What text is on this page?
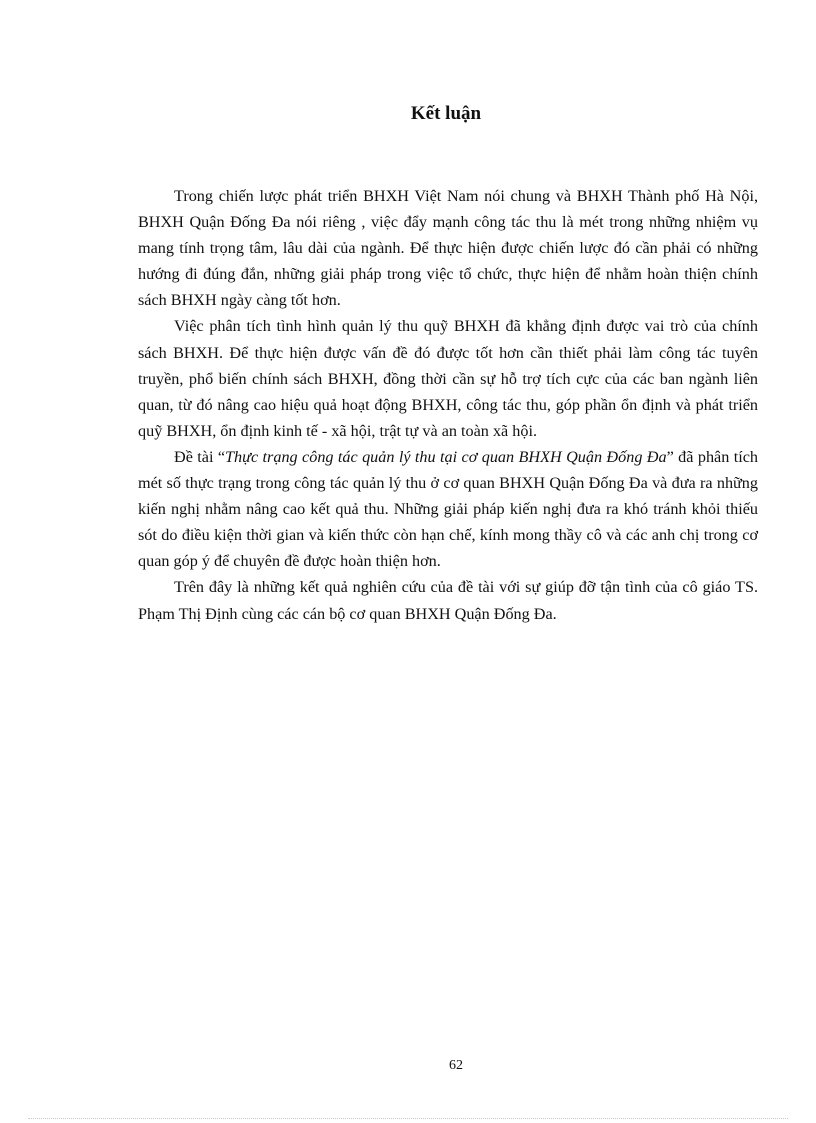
Kết luận

Trong chiến lược phát triển BHXH Việt Nam nói chung và BHXH Thành phố Hà Nội, BHXH Quận Đống Đa nói riêng , việc đẩy mạnh công tác thu là mét trong những nhiệm vụ mang tính trọng tâm, lâu dài của ngành. Để thực hiện được chiến lược đó cần phải có những hướng đi đúng đắn, những giải pháp trong việc tổ chức, thực hiện để nhằm hoàn thiện chính sách BHXH ngày càng tốt hơn.

Việc phân tích tình hình quản lý thu quỹ BHXH đã khẳng định được vai trò của chính sách BHXH. Để thực hiện được vấn đề đó được tốt hơn cần thiết phải làm công tác tuyên truyền, phổ biến chính sách BHXH, đồng thời cần sự hỗ trợ tích cực của các ban ngành liên quan, từ đó nâng cao hiệu quả hoạt động BHXH, công tác thu, góp phần ổn định và phát triển quỹ BHXH, ổn định kinh tế - xã hội, trật tự và an toàn xã hội.

Đề tài “Thực trạng công tác quản lý thu tại cơ quan BHXH Quận Đống Đa” đã phân tích mét số thực trạng trong công tác quản lý thu ở cơ quan BHXH Quận Đống Đa và đưa ra những kiến nghị nhằm nâng cao kết quả thu. Những giải pháp kiến nghị đưa ra khó tránh khỏi thiếu sót do điều kiện thời gian và kiến thức còn hạn chế, kính mong thầy cô và các anh chị trong cơ quan góp ý để chuyên đề được hoàn thiện hơn.

Trên đây là những kết quả nghiên cứu của đề tài với sự giúp đỡ tận tình của cô giáo TS. Phạm Thị Định cùng các cán bộ cơ quan BHXH Quận Đống Đa.

62
